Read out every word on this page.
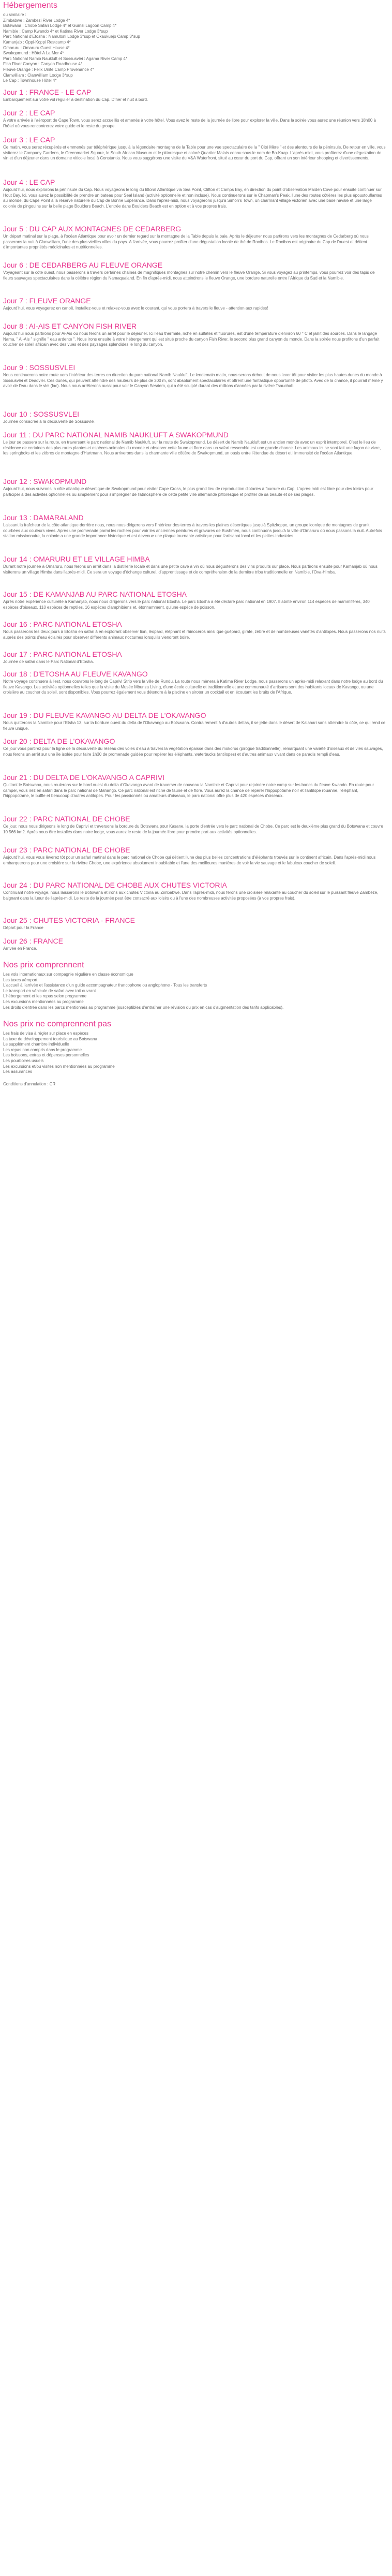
Hébergements
ou similaire :
Zimbabwe : Zambezi River Lodge 4*
Botswana : Chobe Safari Lodge 4* et Gumsi Lagoon Camp 4*
Namibie : Camp Kwando 4* et Katima River Lodge 3*sup
Parc National d'Etosha : Namutoni Lodge 3*sup et Okaukuejo Camp 3*sup
Kamanjab : Oppi-Koppi Restcamp 4*
Omaruru : Omaruru Guest House 4*
Swakopmund : Hôtel A La Mer 4*
Parc National Namib Naukluft et Sossusvlei : Agama River Camp 4*
Fish River Canyon : Canyon Roadhouse 4*
Fleuve Orange : Felix Unite Camp Provenance 4*
Clanwilliam : Clanwilliam Lodge 3*sup
Le Cap : Townhouse Hôtel 4*
Jour 1 : FRANCE - LE CAP
Embarquement sur votre vol régulier à destination du Cap. Dîner et nuit à bord.
Jour 2 : LE CAP
A votre arrivée à l'aéroport de Cape Town, vous serez accueillis et amenés à votre hôtel. Vous avez le reste de la journée de libre pour explorer la ville. Dans la soirée vous aurez une réunion vers 18h00 à l'hôtel où vous rencontrerez votre guide et le reste du groupe.
Jour 3 : LE CAP
Ce matin, vous serez récupérés et emmenés par téléphérique jusqu'à la légendaire montagne de la Table pour une vue spectaculaire de la " Cité Mère " et des alentours de la péninsule. De retour en ville, vous visiterez le Company Gardens, le Greenmarket Square, le South African Museum et le pittoresque et coloré Quartier Malais connu sous le nom de Bo-Kaap. L'après-midi, vous profiterez d'une dégustation de vin et d'un déjeuner dans un domaine viticole local à Constantia. Nous vous suggérons une visite du V&A Waterfront, situé au cœur du port du Cap, offrant un son intérieur shopping et divertissements.
Jour 4 : LE CAP
Aujourd'hui, nous explorons la péninsule du Cap. Nous voyageons le long du littoral Atlantique via Sea Point, Clifton et Camps Bay, en direction du point d'observation Maiden Cove pour ensuite continuer sur Hout Bay. Ici, vous aurez la possibilité de prendre un bateau pour Seal Island (activité optionnelle et non incluse). Nous continuerons sur le Chapman's Peak, l'une des routes côtières les plus époustouflantes au monde, du Cape Point à la réserve naturelle du Cap de Bonne Espérance. Dans l'après-midi, nous voyagerons jusqu'à Simon's Town, un charmant village victorien avec une base navale et une large colonie de pingouins sur la belle plage Boulders Beach. L'entrée dans Boulders Beach est en option et à vos propres frais.
Jour 5 : DU CAP AUX MONTAGNES DE CEDARBERG
Un départ matinal sur la plage, à l'océan Atlantique pour avoir un dernier regard sur la montagne de la Table depuis la baie. Après le déjeuner nous partirons vers les montagnes de Cedarberg où nous passerons la nuit à Clanwilliam, l'une des plus vieilles villes du pays. A l'arrivée, vous pourrez profiter d'une dégustation locale de thé de Rooibos. Le Rooibos est originaire du Cap de l'ouest et détient d'importantes propriétés médicinales et nutritionnelles.
Jour 6 : DE CEDARBERG AU FLEUVE ORANGE
Voyageant sur la côte ouest, nous passerons à travers certaines chaînes de magnifiques montagnes sur notre chemin vers le fleuve Orange. Si vous voyagez au printemps, vous pourrez voir des tapis de fleurs sauvages spectaculaires dans la célèbre région du Namaqualand. En fin d'après-midi, nous atteindrons le fleuve Orange, une bordure naturelle entre l'Afrique du Sud et la Namibie.
Jour 7 : FLEUVE ORANGE
Aujourd'hui, vous voyagerez en canoë. Installez-vous et relaxez-vous avec le courant, qui vous portera à travers le fleuve - attention aux rapides!
Jour 8 : AI-AIS ET CANYON FISH RIVER
Aujourd'hui nous partirons pour Ai-Ais où nous ferons un arrêt pour le déjeuner. Ici l'eau thermale, riche en sulfates et fluorures, est d'une température d'environ 60 ° C et jaillit des sources. Dans le langage Nama, " Ai-Ais " signifie " eau ardente ". Nous irons ensuite à votre hébergement qui est situé proche du canyon Fish River, le second plus grand canyon du monde. Dans la soirée nous profitons d'un parfait coucher de soleil africain avec des vues et des paysages splendides le long du canyon.
Jour 9 : SOSSUSVLEI
Nous continuerons notre route vers l'intérieur des terres en direction du parc national Namib Naukluft. Le lendemain matin, nous serons debout de nous lever tôt pour visiter les plus hautes dunes du monde à Sossusvlei et Deadvlei. Ces dunes, qui peuvent atteindre des hauteurs de plus de 300 m, sont absolument spectaculaires et offrent une fantastique opportunité de photo. Avec de la chance, il pourrait même y avoir de l'eau dans le vlei (lac). Nous nous arrêterons aussi pour voir le Canyon Sesriem, qui a été sculpté durant des millions d'années par la rivière Tsauchab.
Jour 10 : SOSSUSVLEI
Journée consacrée à la découverte de Sossusvlei.
Jour 11 : DU PARC NATIONAL NAMIB NAUKLUFT A SWAKOPMUND
Le jour se passera sur la route, en traversant le parc national de Namib Naukluft, sur la route de Swakopmund. Le désert de Namib Naukluft est un ancien monde avec un esprit intemporel. C'est le lieu de résidence de certaines des plus rares plantes et espèces animales du monde et observer cette faune et flore dans un safari ressemble est une grande chance. Les animaux ici se sont fait une façon de vivre, les springboks et les zèbres de montagne d'Hartmann. Nous arriverons dans la charmante ville côtière de Swakopmund, un oasis entre l'étendue du désert et l'immensité de l'océan Atlantique.
Jour 12 : SWAKOPMUND
Aujourd'hui, nous suivrons la côte atlantique désertique de Swakopmund pour visiter Cape Cross, le plus grand lieu de reproduction d'otaries à fourrure du Cap. L'après-midi est libre pour des loisirs pour participer à des activités optionnelles ou simplement pour s'imprégner de l'atmosphère de cette petite ville allemande pittoresque et profiter de sa beauté et de ses plages.
Jour 13 : DAMARALAND
Laissant la fraîcheur de la côte atlantique derrière nous, nous nous dirigerons vers l'intérieur des terres à travers les plaines désertiques jusqu'à Spitzkoppe, un groupe iconique de montagnes de granit courbées aux couleurs vives. Après une promenade parmi les rochers pour voir les anciennes peintures et gravures de Bushmen, nous continuons jusqu'à la ville d'Omaruru où nous passons la nuit. Autrefois station missionnaire, la colonie a une grande importance historique et est devenue une plaque tournante artistique pour l'artisanat local et les petites industries.
Jour 14 : OMARURU ET LE VILLAGE HIMBA
Durant notre journée à Omaruru, nous ferons un arrêt dans la distillerie locale et dans une petite cave à vin où nous dégusterons des vins produits sur place. Nous partirons ensuite pour Kamanjab où nous visiterons un village Himba dans l'après-midi. Ce sera un voyage d'échange culturel, d'apprentissage et de compréhension de la dernière tribu traditionnelle en Namibie, l'Ova-Himba.
Jour 15 : DE KAMANJAB AU PARC NATIONAL ETOSHA
Après notre expérience culturelle à Kamanjab, nous nous dirigerons vers le parc national Etosha. Le parc Etosha a été déclaré parc national en 1907. Il abrite environ 114 espèces de mammifères, 340 espèces d'oiseaux, 110 espèces de reptiles, 16 espèces d'amphibiens et, étonnamment, qu'une espèce de poisson.
Jour 16 : PARC NATIONAL ETOSHA
Nous passerons les deux jours à Etosha en safari à en explorant observer lion, léopard, éléphant et rhinocéros ainsi que guépard, girafe, zèbre et de nombreuses variétés d'antilopes. Nous passerons nos nuits auprès des points d'eau éclairés pour observer différents animaux nocturnes lorsqu'ils viendront boire.
Jour 17 : PARC NATIONAL ETOSHA
Journée de safari dans le Parc National d'Etosha.
Jour 18 : D'ETOSHA AU FLEUVE KAVANGO
Notre voyage continuera à l'est, nous couvrons le long de Caprivi Strip vers la ville de Rundu. La route nous mènera à Katima River Lodge, nous passerons un après-midi relaxant dans notre lodge au bord du fleuve Kavango. Les activités optionnelles telles que la visite du Musée Mbunza Living, d'une école culturelle et traditionnelle et une communauté d'artisans sont des habitants locaux de Kavango, ou une croisière au coucher du soleil, sont disponibles. Vous pourrez également vous détendre à la piscine en siroter un cocktail et en écoutant les bruits de l'Afrique.
Jour 19 : DU FLEUVE KAVANGO AU DELTA DE L'OKAVANGO
Nous quitterons la Namibie pour l'Etsha 13, sur la bordure ouest du delta de l'Okavango au Botswana. Contrairement à d'autres deltas, il se jette dans le désert de Kalahari sans atteindre la côte, ce qui rend ce fleuve unique.
Jour 20 : DELTA DE L'OKAVANGO
Ce jour vous partirez pour la ligne de la découverte du réseau des voies d'eau à travers la végétation épaisse dans des mokoros (pirogue traditionnelle), remarquant une variété d'oiseaux et de vies sauvages, nous ferons un arrêt sur une île isolée pour faire 1h30 de promenade guidée pour repérer les éléphants, waterbucks (antilopes) et d'autres animaux vivant dans ce paradis rempli d'eau.
Jour 21 : DU DELTA DE L'OKAVANGO A CAPRIVI
Quittant le Botswana, nous roulerons sur le bord ouest du delta d'Okavango avant de traverser de nouveau la Namibie et Caprivi pour rejoindre notre camp sur les bancs du fleuve Kwando. En route pour camper, vous irez en safari dans le parc national de Mahango. Ce parc national est riche de faune et de flore. Vous aurez la chance de repérer l'hippopotame noir et l'antilope rouanne, l'éléphant, l'hippopotame, le buffle et beaucoup d'autres antilopes. Pour les passionnés ou amateurs d'oiseaux, le parc national offre plus de 420 espèces d'oiseaux.
Jour 22 : PARC NATIONAL DE CHOBE
Ce jour, nous nous dirigeons le long de Caprivi et traversons la bordure du Botswana pour Kasane, la porte d'entrée vers le parc national de Chobe. Ce parc est le deuxième plus grand du Botswana et couvre 10 566 km2. Après nous être installés dans notre lodge, vous aurez le reste de la journée libre pour prendre part aux activités optionnelles.
Jour 23 : PARC NATIONAL DE CHOBE
Aujourd'hui, vous vous lèverez tôt pour un safari matinal dans le parc national de Chobe qui détient l'une des plus belles concentrations d'éléphants trouvés sur le continent africain. Dans l'après-midi nous embarquerons pour une croisière sur la rivière Chobe, une expérience absolument inoubliable et l'une des meilleures manières de voir la vie sauvage et le fabuleux coucher de soleil.
Jour 24 : DU PARC NATIONAL DE CHOBE AUX CHUTES VICTORIA
Continuant notre voyage, nous laisserons le Botswana et irons aux chutes Victoria au Zimbabwe. Dans l'après-midi, nous ferons une croisière relaxante au coucher du soleil sur le puissant fleuve Zambèze, baignant dans la lueur de l'après-midi. Le reste de la journée peut être consacré aux loisirs ou à l'une des nombreuses activités proposées (à vos propres frais).
Jour 25 : CHUTES VICTORIA - FRANCE
Départ pour la France
Jour 26 : FRANCE
Arrivée en France.
Nos prix comprennent
Les vols internationaux sur compagnie régulière en classe économique
Les taxes aéroport
L'accueil à l'arrivée et l'assistance d'un guide accompagnateur francophone ou anglophone - Tous les transferts
Le transport en véhicule de safari avec toit ouvrant
L'hébergement et les repas selon programme
Les excursions mentionnées au programme
Les droits d'entrée dans les parcs mentionnés au programme (susceptibles d'entraîner une révision du prix en cas d'augmentation des tarifs applicables).
Nos prix ne comprennent pas
Les frais de visa à régler sur place en espèces
La taxe de développement touristique au Botswana
Le supplément chambre individuelle
Les repas non compris dans le programme
Les boissons, extras et dépenses personnelles
Les pourboires usuels
Les excursions et/ou visites non mentionnées au programme
Les assurances
Conditions d'annulation : CR
